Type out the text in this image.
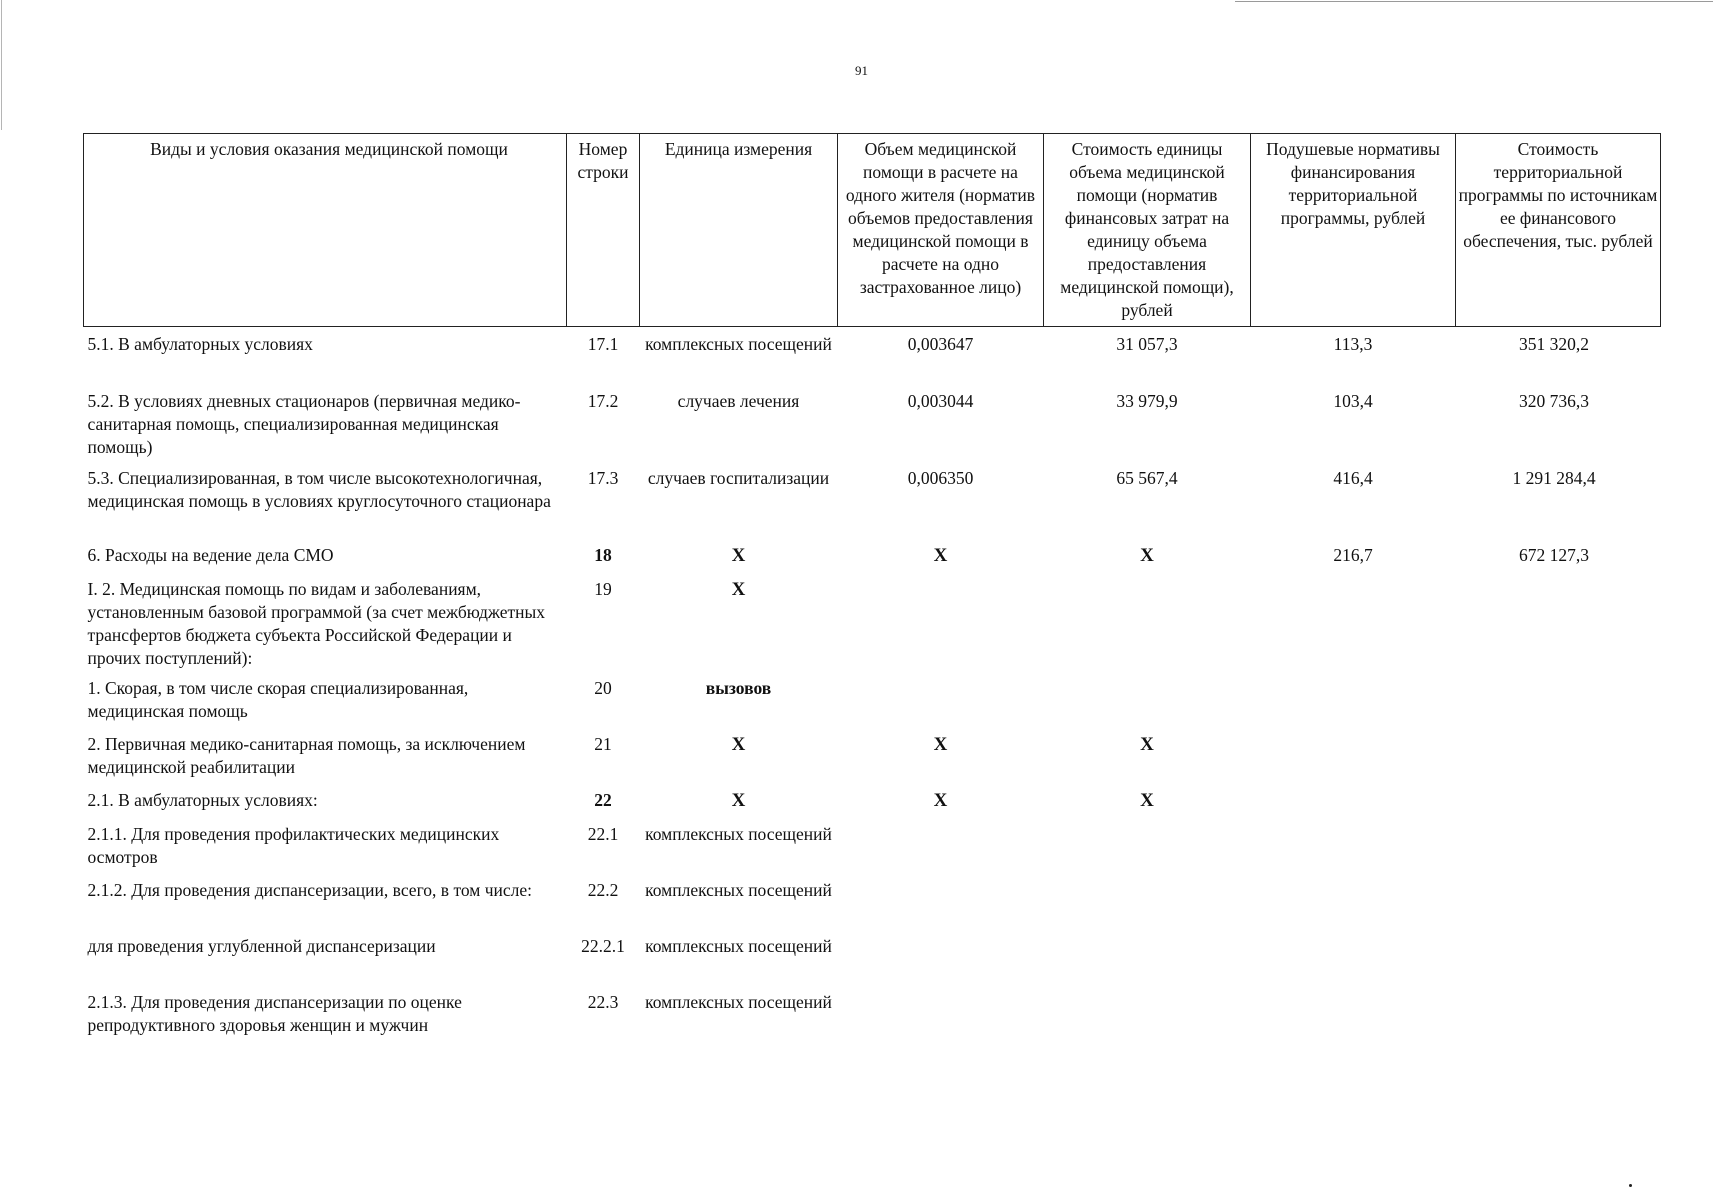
91
Виды и условия оказания медицинской помощи	Номер строки	Единица измерения	Объем медицинской помощи в расчете на одного жителя (норматив объемов предоставления медицинской помощи в расчете на одно застрахованное лицо)	Стоимость единицы объема медицинской помощи (норматив финансовых затрат на единицу объема предоставления медицинской помощи), рублей	Подушевые нормативы финансирования территориальной программы, рублей	Стоимость территориальной программы по источникам ее финансового обеспечения, тыс. рублей

5.1. В амбулаторных условиях	17.1	комплексных посещений	0,003647	31 057,3	113,3	351 320,2
5.2. В условиях дневных стационаров (первичная медико-санитарная помощь, специализированная медицинская помощь)	17.2	случаев лечения	0,003044	33 979,9	103,4	320 736,3
5.3. Специализированная, в том числе высокотехнологичная, медицинская помощь в условиях круглосуточного стационара	17.3	случаев госпитализации	0,006350	65 567,4	416,4	1 291 284,4
6. Расходы на ведение дела СМО	18	X	X	X	216,7	672 127,3
I. 2. Медицинская помощь по видам и заболеваниям, установленным базовой программой (за счет межбюджетных трансфертов бюджета субъекта Российской Федерации и прочих поступлений):	19	X				
1. Скорая, в том числе скорая специализированная, медицинская помощь	20	вызовов				
2. Первичная медико-санитарная помощь, за исключением медицинской реабилитации	21	X	X	X		
2.1. В амбулаторных условиях:	22	X	X	X		
2.1.1. Для проведения профилактических медицинских осмотров	22.1	комплексных посещений				
2.1.2. Для проведения диспансеризации, всего, в том числе:	22.2	комплексных посещений				
для проведения углубленной диспансеризации	22.2.1	комплексных посещений				
2.1.3. Для проведения диспансеризации по оценке репродуктивного здоровья женщин и мужчин	22.3	комплексных посещений				
